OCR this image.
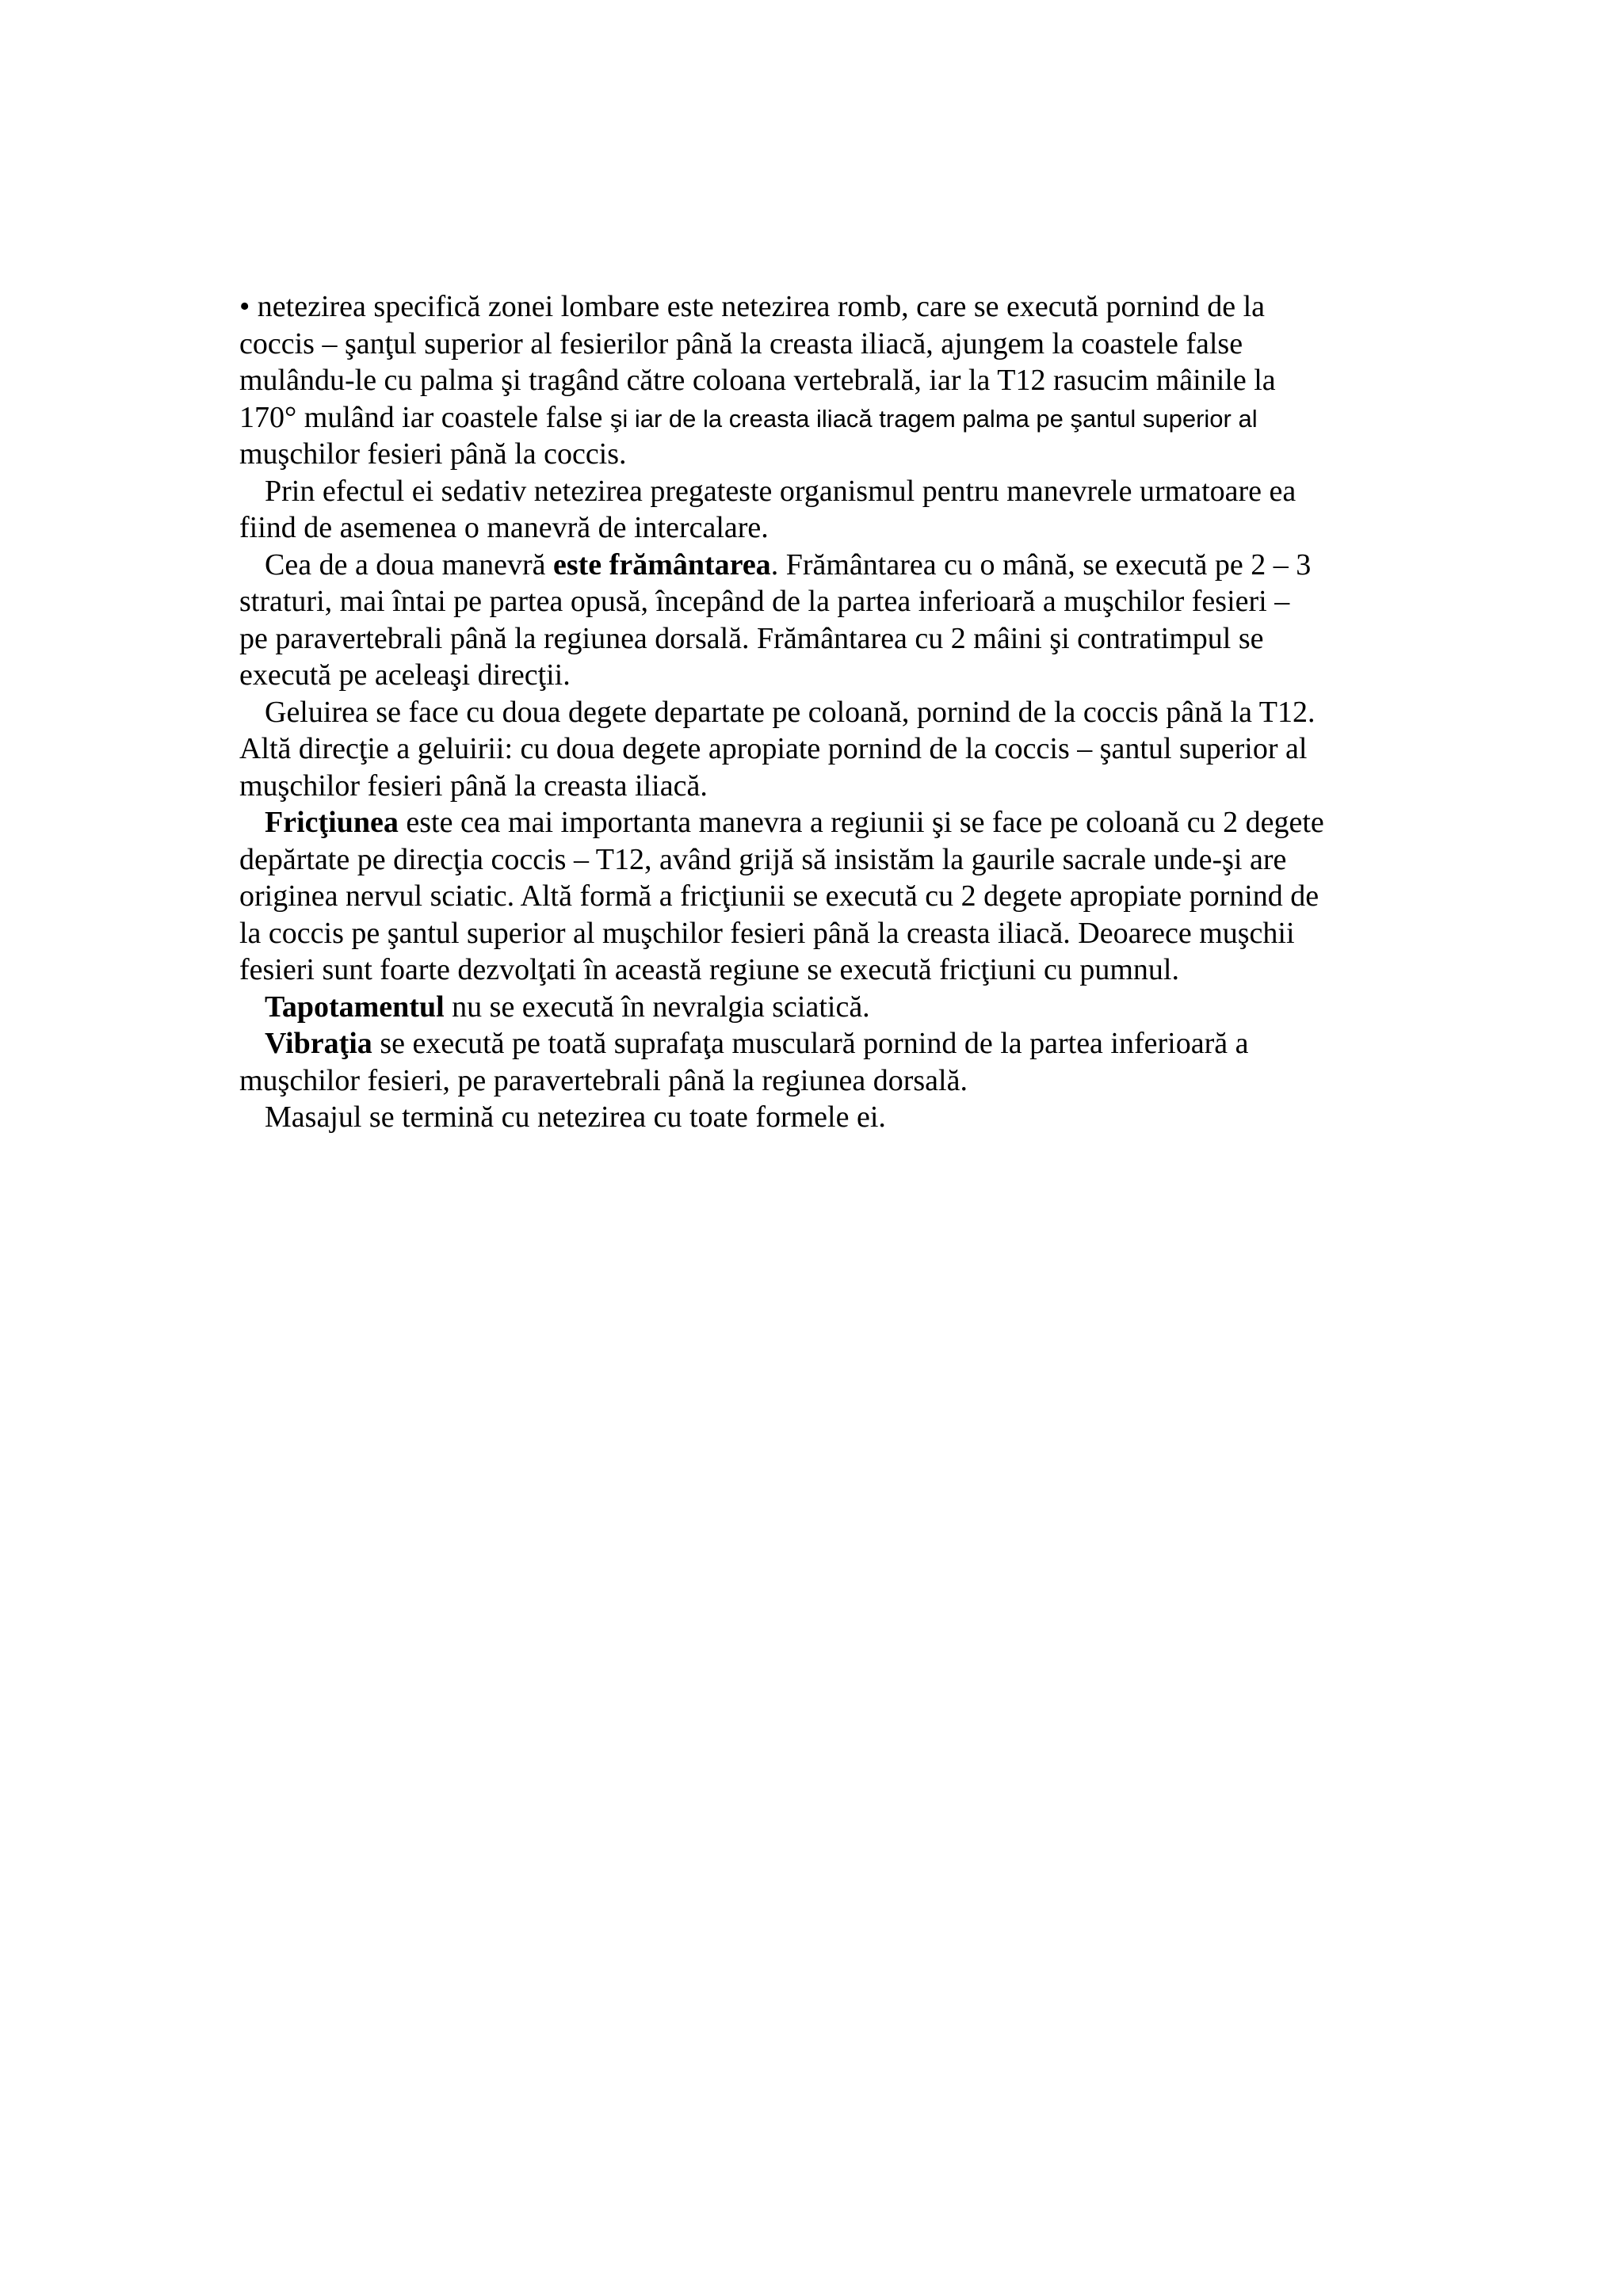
• netezirea specifică zonei lombare este netezirea romb, care se execută pornind de la
coccis – şanţul superior al fesierilor până la creasta iliacă, ajungem la coastele false
mulându-le cu palma şi tragând către coloana vertebrală, iar la T12 rasucim mâinile la
170° mulând iar coastele false şi iar de la creasta iliacă tragem palma pe şantul superior al
muşchilor fesieri până la coccis.
Prin efectul ei sedativ netezirea pregateste organismul pentru manevrele urmatoare ea
fiind de asemenea o manevră de intercalare.
Cea de a doua manevră este frământarea. Frământarea cu o mână, se execută pe 2 – 3
straturi, mai întai pe partea opusă, începând de la partea inferioară a muşchilor fesieri –
pe paravertebrali până la regiunea dorsală. Frământarea cu 2 mâini şi contratimpul se
execută pe aceleaşi direcţii.
Geluirea se face cu doua degete departate pe coloană, pornind de la coccis până la T12.
Altă direcţie a geluirii: cu doua degete apropiate pornind de la coccis – şantul superior al
muşchilor fesieri până la creasta iliacă.
Fricţiunea este cea mai importanta manevra a regiunii şi se face pe coloană cu 2 degete
depărtate pe direcţia coccis – T12, având grijă să insistăm la gaurile sacrale unde-şi are
originea nervul sciatic. Altă formă a fricţiunii se execută cu 2 degete apropiate pornind de
la coccis pe şantul superior al muşchilor fesieri până la creasta iliacă. Deoarece muşchii
fesieri sunt foarte dezvolţati în această regiune se execută fricţiuni cu pumnul.
Tapotamentul nu se execută în nevralgia sciatică.
Vibraţia se execută pe toată suprafaţa musculară pornind de la partea inferioară a
muşchilor fesieri, pe paravertebrali până la regiunea dorsală.
Masajul se termină cu netezirea cu toate formele ei.
